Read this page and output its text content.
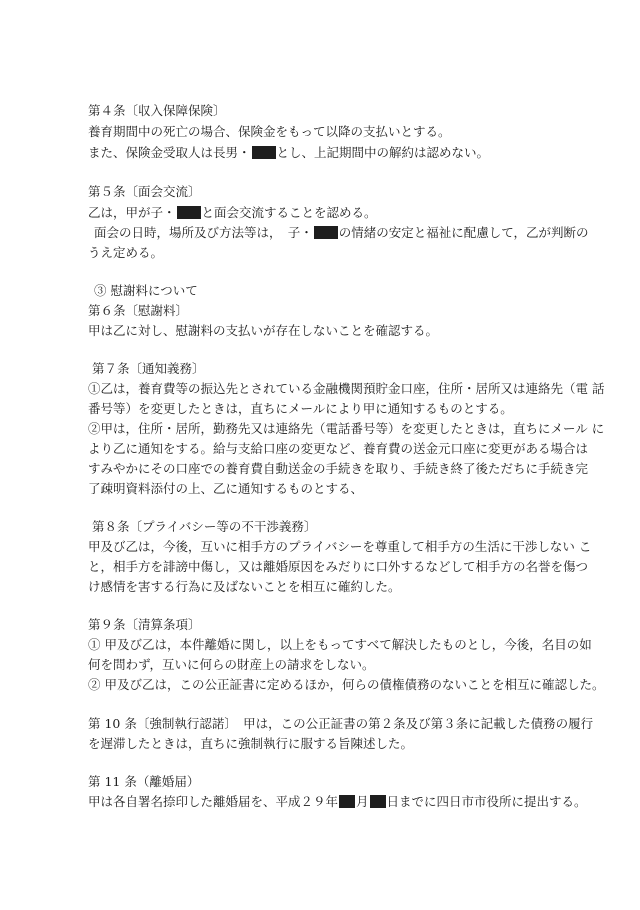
第４条〔収入保障保険〕
養育期間中の死亡の場合、保険金をもって以降の支払いとする。
また、保険金受取人は長男・ とし、上記期間中の解約は認めない。
第５条〔面会交流〕
乙は，甲が子・ と面会交流することを認める。
面会の日時，場所及び方法等は，　子・ の情緒の安定と福祉に配慮して，乙が判断の
うえ定める。
③ 慰謝料について
第６条〔慰謝料〕
甲は乙に対し、慰謝料の支払いが存在しないことを確認する。
第７条〔通知義務〕
①乙は，養育費等の振込先とされている金融機関預貯金口座，住所・居所又は連絡先（電 話
番号等）を変更したときは，直ちにメールにより甲に通知するものとする。
②甲は，住所・居所，勤務先又は連絡先（電話番号等）を変更したときは，直ちにメール に
より乙に通知をする。給与支給口座の変更など、養育費の送金元口座に変更がある場合は
すみやかにその口座での養育費自動送金の手続きを取り、手続き終了後ただちに手続き完
了疎明資料添付の上、乙に通知するものとする、
第８条〔プライバシー等の不干渉義務〕
甲及び乙は，今後，互いに相手方のプライバシーを尊重して相手方の生活に干渉しない こ
と，相手方を誹謗中傷し，又は離婚原因をみだりに口外するなどして相手方の名誉を傷つ
け感情を害する行為に及ばないことを相互に確約した。
第９条〔清算条項〕
① 甲及び乙は，本件離婚に関し，以上をもってすべて解決したものとし，今後，名目の如
何を問わず，互いに何らの財産上の請求をしない。
② 甲及び乙は，この公正証書に定めるほか，何らの債権債務のないことを相互に確認した。
第 10 条〔強制執行認諾〕　甲は，この公正証書の第２条及び第３条に記載した債務の履行
を遅滞したときは，直ちに強制執行に服する旨陳述した。
第 11 条（離婚届）
甲は各自署名捺印した離婚届を、平成２９年 月 日までに四日市市役所に提出する。
